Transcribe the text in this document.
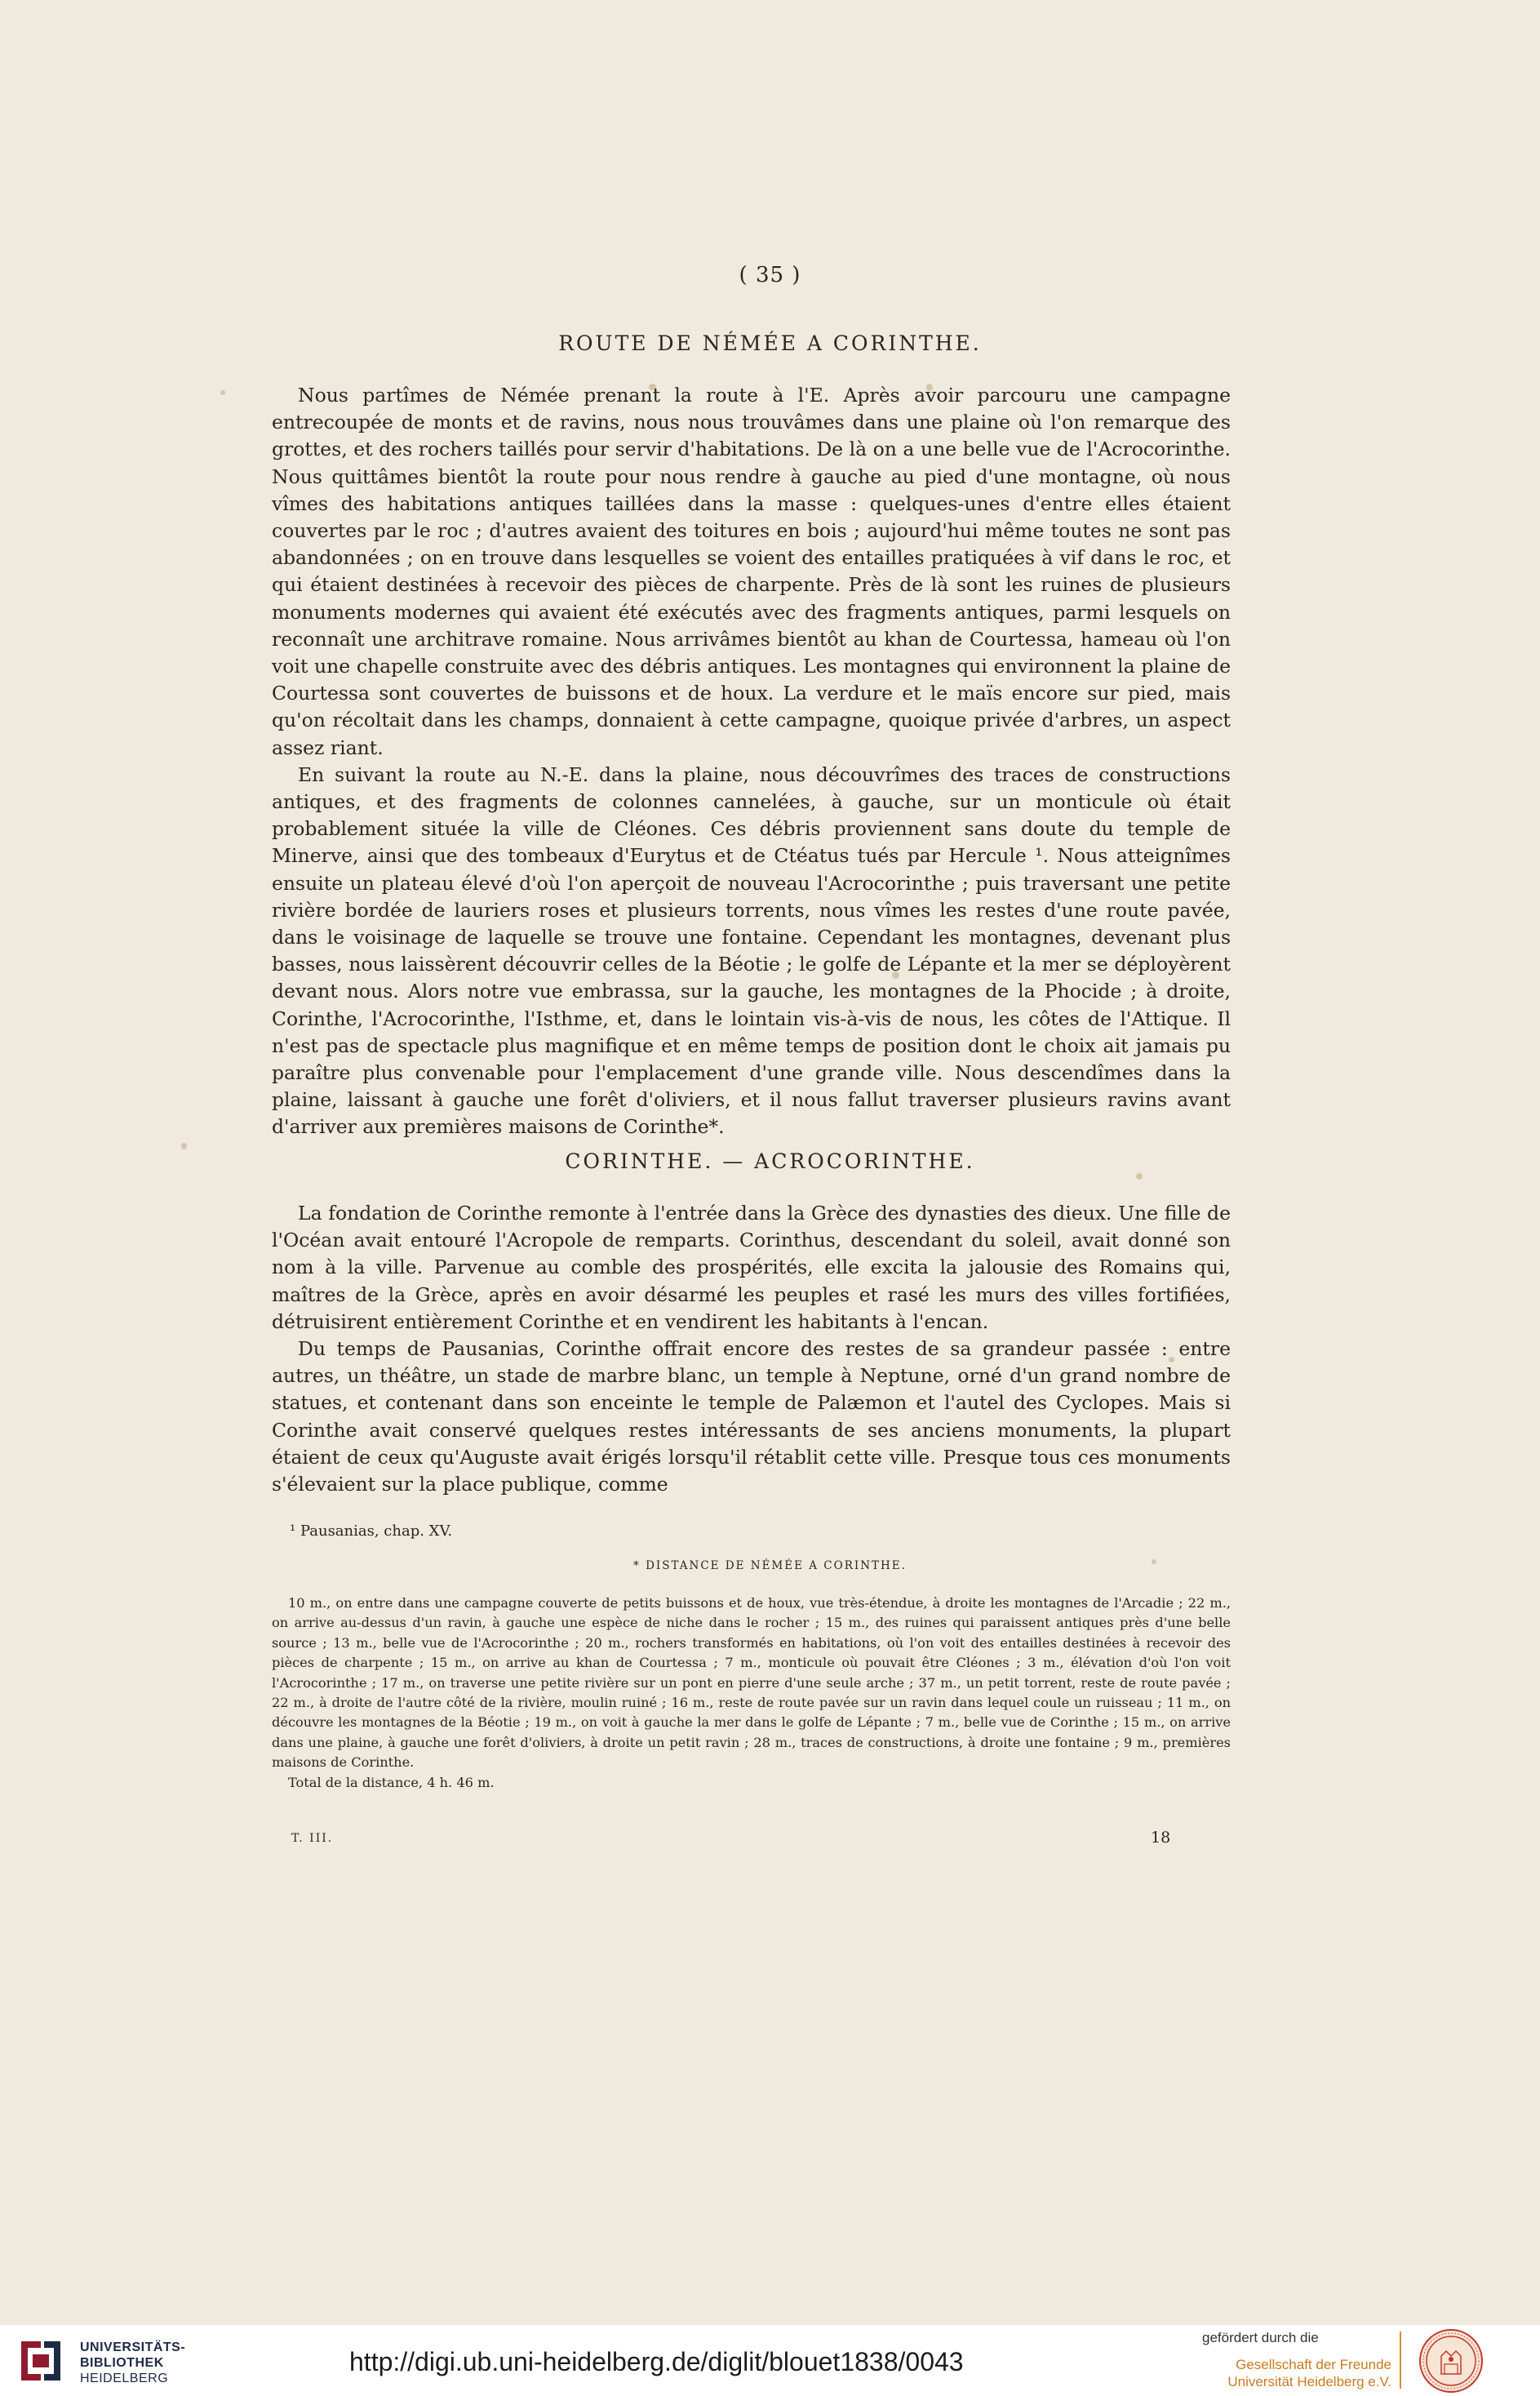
( 35 )
ROUTE DE NÉMÉE A CORINTHE.

Nous partîmes de Némée prenant la route à l'E. Après avoir parcouru une campagne entrecoupée de monts et de ravins, nous nous trouvâmes dans une plaine où l'on remarque des grottes, et des rochers taillés pour servir d'habitations. De là on a une belle vue de l'Acrocorinthe. Nous quittâmes bientôt la route pour nous rendre à gauche au pied d'une montagne, où nous vîmes des habitations antiques taillées dans la masse : quelques-unes d'entre elles étaient couvertes par le roc ; d'autres avaient des toitures en bois ; aujourd'hui même toutes ne sont pas abandonnées ; on en trouve dans lesquelles se voient des entailles pratiquées à vif dans le roc, et qui étaient destinées à recevoir des pièces de charpente. Près de là sont les ruines de plusieurs monuments modernes qui avaient été exécutés avec des fragments antiques, parmi lesquels on reconnaît une architrave romaine. Nous arrivâmes bientôt au khan de Courtessa, hameau où l'on voit une chapelle construite avec des débris antiques. Les montagnes qui environnent la plaine de Courtessa sont couvertes de buissons et de houx. La verdure et le maïs encore sur pied, mais qu'on récoltait dans les champs, donnaient à cette campagne, quoique privée d'arbres, un aspect assez riant.

En suivant la route au N.-E. dans la plaine, nous découvrîmes des traces de constructions antiques, et des fragments de colonnes cannelées, à gauche, sur un monticule où était probablement située la ville de Cléones. Ces débris proviennent sans doute du temple de Minerve, ainsi que des tombeaux d'Eurytus et de Ctéatus tués par Hercule ¹. Nous atteignîmes ensuite un plateau élevé d'où l'on aperçoit de nouveau l'Acrocorinthe ; puis traversant une petite rivière bordée de lauriers roses et plusieurs torrents, nous vîmes les restes d'une route pavée, dans le voisinage de laquelle se trouve une fontaine. Cependant les montagnes, devenant plus basses, nous laissèrent découvrir celles de la Béotie ; le golfe de Lépante et la mer se déployèrent devant nous. Alors notre vue embrassa, sur la gauche, les montagnes de la Phocide ; à droite, Corinthe, l'Acrocorinthe, l'Isthme, et, dans le lointain vis-à-vis de nous, les côtes de l'Attique. Il n'est pas de spectacle plus magnifique et en même temps de position dont le choix ait jamais pu paraître plus convenable pour l'emplacement d'une grande ville. Nous descendîmes dans la plaine, laissant à gauche une forêt d'oliviers, et il nous fallut traverser plusieurs ravins avant d'arriver aux premières maisons de Corinthe*.

CORINTHE. — ACROCORINTHE.

La fondation de Corinthe remonte à l'entrée dans la Grèce des dynasties des dieux. Une fille de l'Océan avait entouré l'Acropole de remparts. Corinthus, descendant du soleil, avait donné son nom à la ville. Parvenue au comble des prospérités, elle excita la jalousie des Romains qui, maîtres de la Grèce, après en avoir désarmé les peuples et rasé les murs des villes fortifiées, détruisirent entièrement Corinthe et en vendirent les habitants à l'encan.

Du temps de Pausanias, Corinthe offrait encore des restes de sa grandeur passée : entre autres, un théâtre, un stade de marbre blanc, un temple à Neptune, orné d'un grand nombre de statues, et contenant dans son enceinte le temple de Palæmon et l'autel des Cyclopes. Mais si Corinthe avait conservé quelques restes intéressants de ses anciens monuments, la plupart étaient de ceux qu'Auguste avait érigés lorsqu'il rétablit cette ville. Presque tous ces monuments s'élevaient sur la place publique, comme

¹ Pausanias, chap. XV.
* DISTANCE DE NÉMÉE A CORINTHE.

10 m., on entre dans une campagne couverte de petits buissons et de houx, vue très-étendue, à droite les montagnes de l'Arcadie ; 22 m., on arrive au-dessus d'un ravin, à gauche une espèce de niche dans le rocher ; 15 m., des ruines qui paraissent antiques près d'une belle source ; 13 m., belle vue de l'Acrocorinthe ; 20 m., rochers transformés en habitations, où l'on voit des entailles destinées à recevoir des pièces de charpente ; 15 m., on arrive au khan de Courtessa ; 7 m., monticule où pouvait être Cléones ; 3 m., élévation d'où l'on voit l'Acrocorinthe ; 17 m., on traverse une petite rivière sur un pont en pierre d'une seule arche ; 37 m., un petit torrent, reste de route pavée ; 22 m., à droite de l'autre côté de la rivière, moulin ruiné ; 16 m., reste de route pavée sur un ravin dans lequel coule un ruisseau ; 11 m., on découvre les montagnes de la Béotie ; 19 m., on voit à gauche la mer dans le golfe de Lépante ; 7 m., belle vue de Corinthe ; 15 m., on arrive dans une plaine, à gauche une forêt d'oliviers, à droite un petit ravin ; 28 m., traces de constructions, à droite une fontaine ; 9 m., premières maisons de Corinthe.

Total de la distance, 4 h. 46 m.
T. III.	18
UNIVERSITÄTS-
BIBLIOTHEK
HEIDELBERG
http://digi.ub.uni-heidelberg.de/diglit/blouet1838/0043
gefördert durch die
Gesellschaft der Freunde
Universität Heidelberg e.V.
